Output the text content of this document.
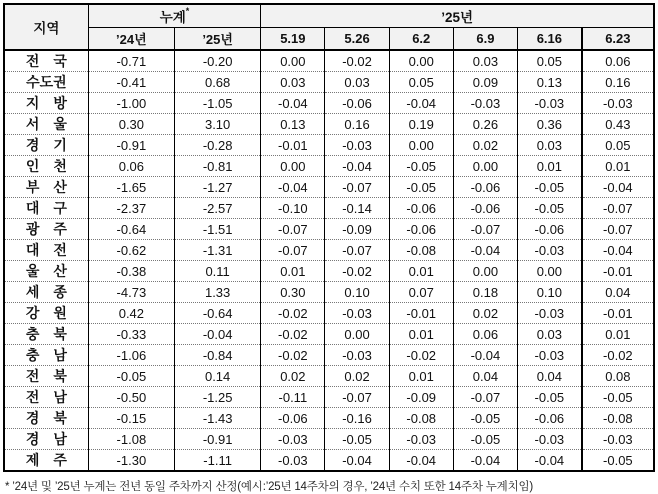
지역	누계*		’25년					
	’24년	’25년	5.19	5.26	6.2	6.9	6.16	6.23
전　국	-0.71	-0.20	0.00	-0.02	0.00	0.03	0.05	0.06
수도권	-0.41	0.68	0.03	0.03	0.05	0.09	0.13	0.16
지　방	-1.00	-1.05	-0.04	-0.06	-0.04	-0.03	-0.03	-0.03
서　울	0.30	3.10	0.13	0.16	0.19	0.26	0.36	0.43
경　기	-0.91	-0.28	-0.01	-0.03	0.00	0.02	0.03	0.05
인　천	0.06	-0.81	0.00	-0.04	-0.05	0.00	0.01	0.01
부　산	-1.65	-1.27	-0.04	-0.07	-0.05	-0.06	-0.05	-0.04
대　구	-2.37	-2.57	-0.10	-0.14	-0.06	-0.06	-0.05	-0.07
광　주	-0.64	-1.51	-0.07	-0.09	-0.06	-0.07	-0.06	-0.07
대　전	-0.62	-1.31	-0.07	-0.07	-0.08	-0.04	-0.03	-0.04
울　산	-0.38	0.11	0.01	-0.02	0.01	0.00	0.00	-0.01
세　종	-4.73	1.33	0.30	0.10	0.07	0.18	0.10	0.04
강　원	0.42	-0.64	-0.02	-0.03	-0.01	0.02	-0.03	-0.01
충　북	-0.33	-0.04	-0.02	0.00	0.01	0.06	0.03	0.01
충　남	-1.06	-0.84	-0.02	-0.03	-0.02	-0.04	-0.03	-0.02
전　북	-0.05	0.14	0.02	0.02	0.01	0.04	0.04	0.08
전　남	-0.50	-1.25	-0.11	-0.07	-0.09	-0.07	-0.05	-0.05
경　북	-0.15	-1.43	-0.06	-0.16	-0.08	-0.05	-0.06	-0.08
경　남	-1.08	-0.91	-0.03	-0.05	-0.03	-0.05	-0.03	-0.03
제　주	-1.30	-1.11	-0.03	-0.04	-0.04	-0.04	-0.04	-0.05
* ’24년 및 ’25년 누계는 전년 동일 주차까지 산정(예시:’25년 14주차의 경우, ’24년 수치 또한 14주차 누계치임)
